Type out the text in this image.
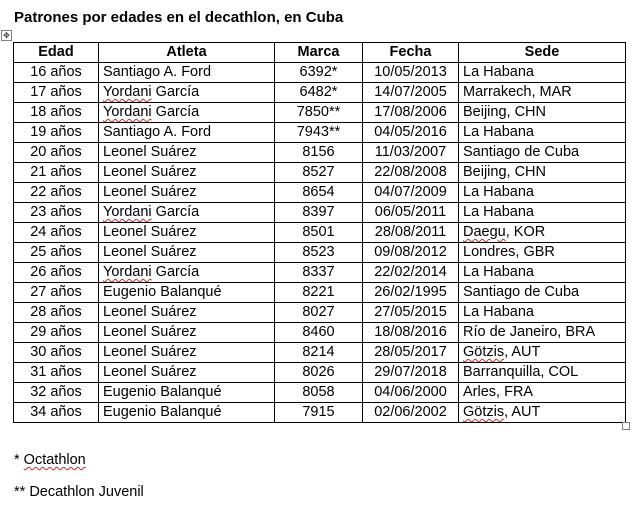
Patrones por edades en el decathlon, en Cuba
✥
Edad	Atleta	Marca	Fecha	Sede
16 años	Santiago A. Ford	6392*	10/05/2013	La Habana
17 años	Yordani García	6482*	14/07/2005	Marrakech, MAR
18 años	Yordani García	7850**	17/08/2006	Beijing, CHN
19 años	Santiago A. Ford	7943**	04/05/2016	La Habana
20 años	Leonel Suárez	8156	11/03/2007	Santiago de Cuba
21 años	Leonel Suárez	8527	22/08/2008	Beijing, CHN
22 años	Leonel Suárez	8654	04/07/2009	La Habana
23 años	Yordani García	8397	06/05/2011	La Habana
24 años	Leonel Suárez	8501	28/08/2011	Daegu, KOR
25 años	Leonel Suárez	8523	09/08/2012	Londres, GBR
26 años	Yordani García	8337	22/02/2014	La Habana
27 años	Eugenio Balanqué	8221	26/02/1995	Santiago de Cuba
28 años	Leonel Suárez	8027	27/05/2015	La Habana
29 años	Leonel Suárez	8460	18/08/2016	Río de Janeiro, BRA
30 años	Leonel Suárez	8214	28/05/2017	Götzis, AUT
31 años	Leonel Suárez	8026	29/07/2018	Barranquilla, COL
32 años	Eugenio Balanqué	8058	04/06/2000	Arles, FRA
34 años	Eugenio Balanqué	7915	02/06/2002	Götzis, AUT
* Octathlon
** Decathlon Juvenil
